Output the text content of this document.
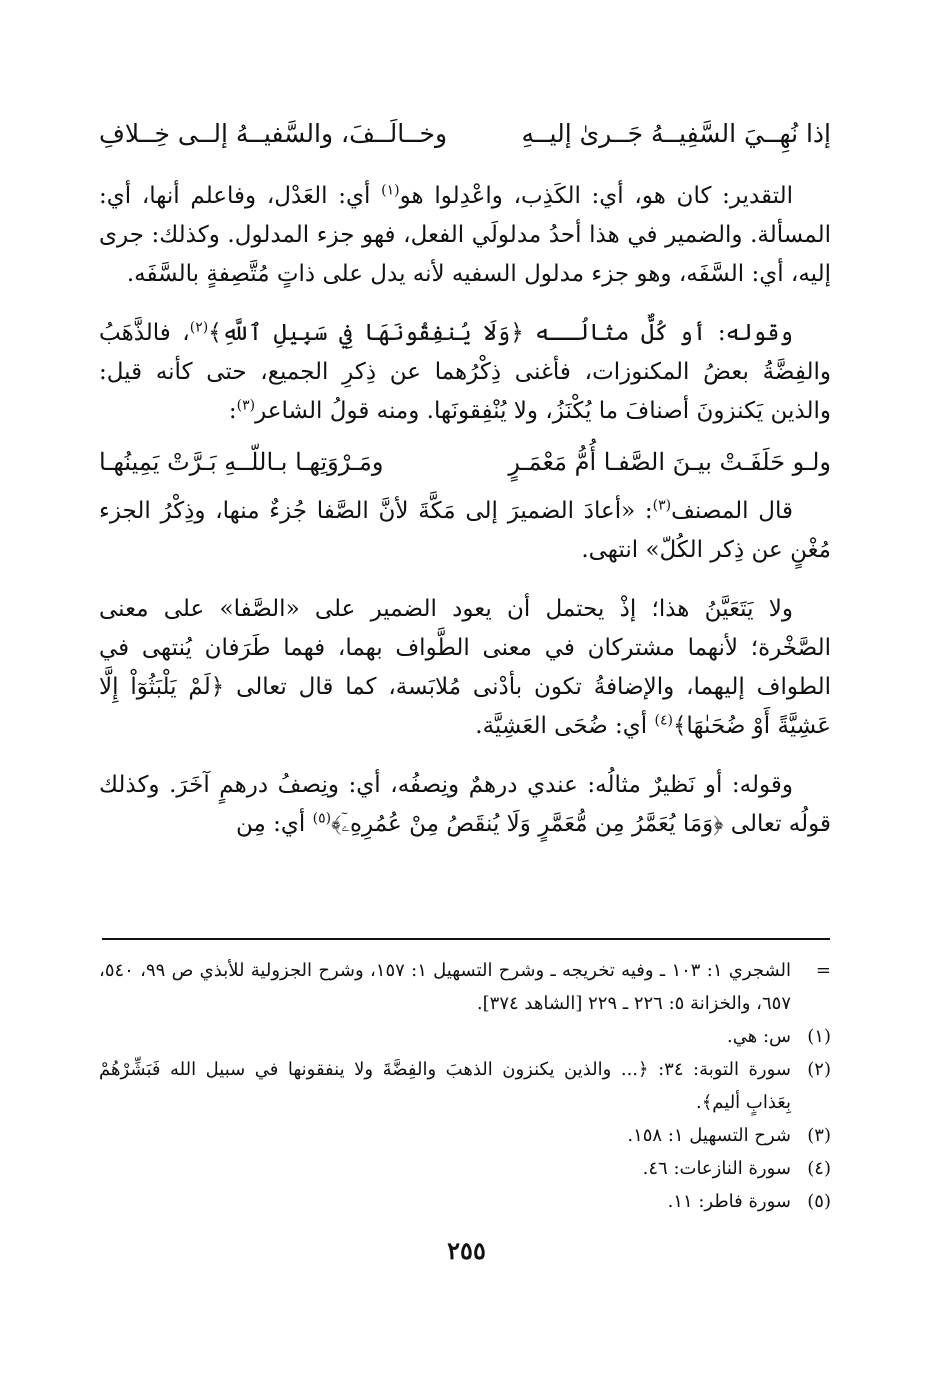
إذا نُهِــيَ السَّفِيــهُ جَــرىٰ إليــهِ
وخــالَــفَ، والسَّفيــهُ إلــى خِــلافِ

التقدير: كان هو، أي: الكَذِب، واعْدِلوا هو$^{(١)}$ أي: العَدْل، وفاعلم أنها، أي: المسألة. والضمير في هذا أحدُ مدلولَي الفعل، فهو جزء المدلول. وكذلك: جرى إليه، أي: السَّفَه، وهو جزء مدلول السفيه لأنه يدل على ذاتٍ مُتَّصِفةٍ بالسَّفَه.

وقوله: أو كُلٌّ مثالُــه ﴿وَلَا يُنفِقُونَهَا فِي سَبِيلِ ٱللَّهِ﴾$^{(٢)}$، فالذَّهَبُ والفِضَّةُ بعضُ المكنوزات، فأغنى ذِكْرُهما عن ذِكرِ الجميع، حتى كأنه قيل: والذين يَكنزونَ أصنافَ ما يُكْنَزُ، ولا يُنْفِقونَها. ومنه قولُ الشاعر$^{(٣)}$:

ولـو حَلَفَـتْ بيـنَ الصَّفـا أُمُّ مَعْمَـرٍ
ومَـرْوَتِهـا بـاللّــهِ بَـرَّتْ يَمِينُهـا

قال المصنف$^{(٣)}$: «أعادَ الضميرَ إلى مَكَّةَ لأنَّ الصَّفا جُزءٌ منها، وذِكْرُ الجزء مُغْنٍ عن ذِكر الكُلّ» انتهى.

ولا يَتَعَيَّنُ هذا؛ إذْ يحتمل أن يعود الضمير على «الصَّفا» على معنى الصَّخْرة؛ لأنهما مشتركان في معنى الطَّواف بهما، فهما طَرَفان يُنتهى في الطواف إليهما، والإضافةُ تكون بأدْنى مُلابَسة، كما قال تعالى ﴿لَمْ يَلْبَثُوٓاْ إِلَّا عَشِيَّةً أَوْ ضُحَىٰهَا﴾$^{(٤)}$ أي: ضُحَى العَشِيَّة.

وقوله: أو نَظيرٌ مثالُه: عندي درهمٌ ونِصفُه، أي: ونِصفُ درهمٍ آخَرَ. وكذلك قولُه تعالى ﴿وَمَا يُعَمَّرُ مِن مُّعَمَّرٍ وَلَا يُنقَصُ مِنْ عُمُرِهِۦٓ﴾$^{(٥)}$ أي: مِن

=
الشجري ١: ١٠٣ ـ وفيه تخريجه ـ وشرح التسهيل ١: ١٥٧، وشرح الجزولية للأبذي ص ٩٩، ٥٤٠، ٦٥٧، والخزانة ٥: ٢٢٦ ـ ٢٢٩ [الشاهد ٣٧٤].
(١)
س: هي.
(٢)
سورة التوبة: ٣٤: ﴿... والذين يكنزون الذهبَ والفِضَّةَ ولا ينفقونها في سبيل الله فَبَشِّرْهُمْ بِعَذابٍ أليم﴾.
(٣)
شرح التسهيل ١: ١٥٨.
(٤)
سورة النازعات: ٤٦.
(٥)
سورة فاطر: ١١.
٢٥٥
